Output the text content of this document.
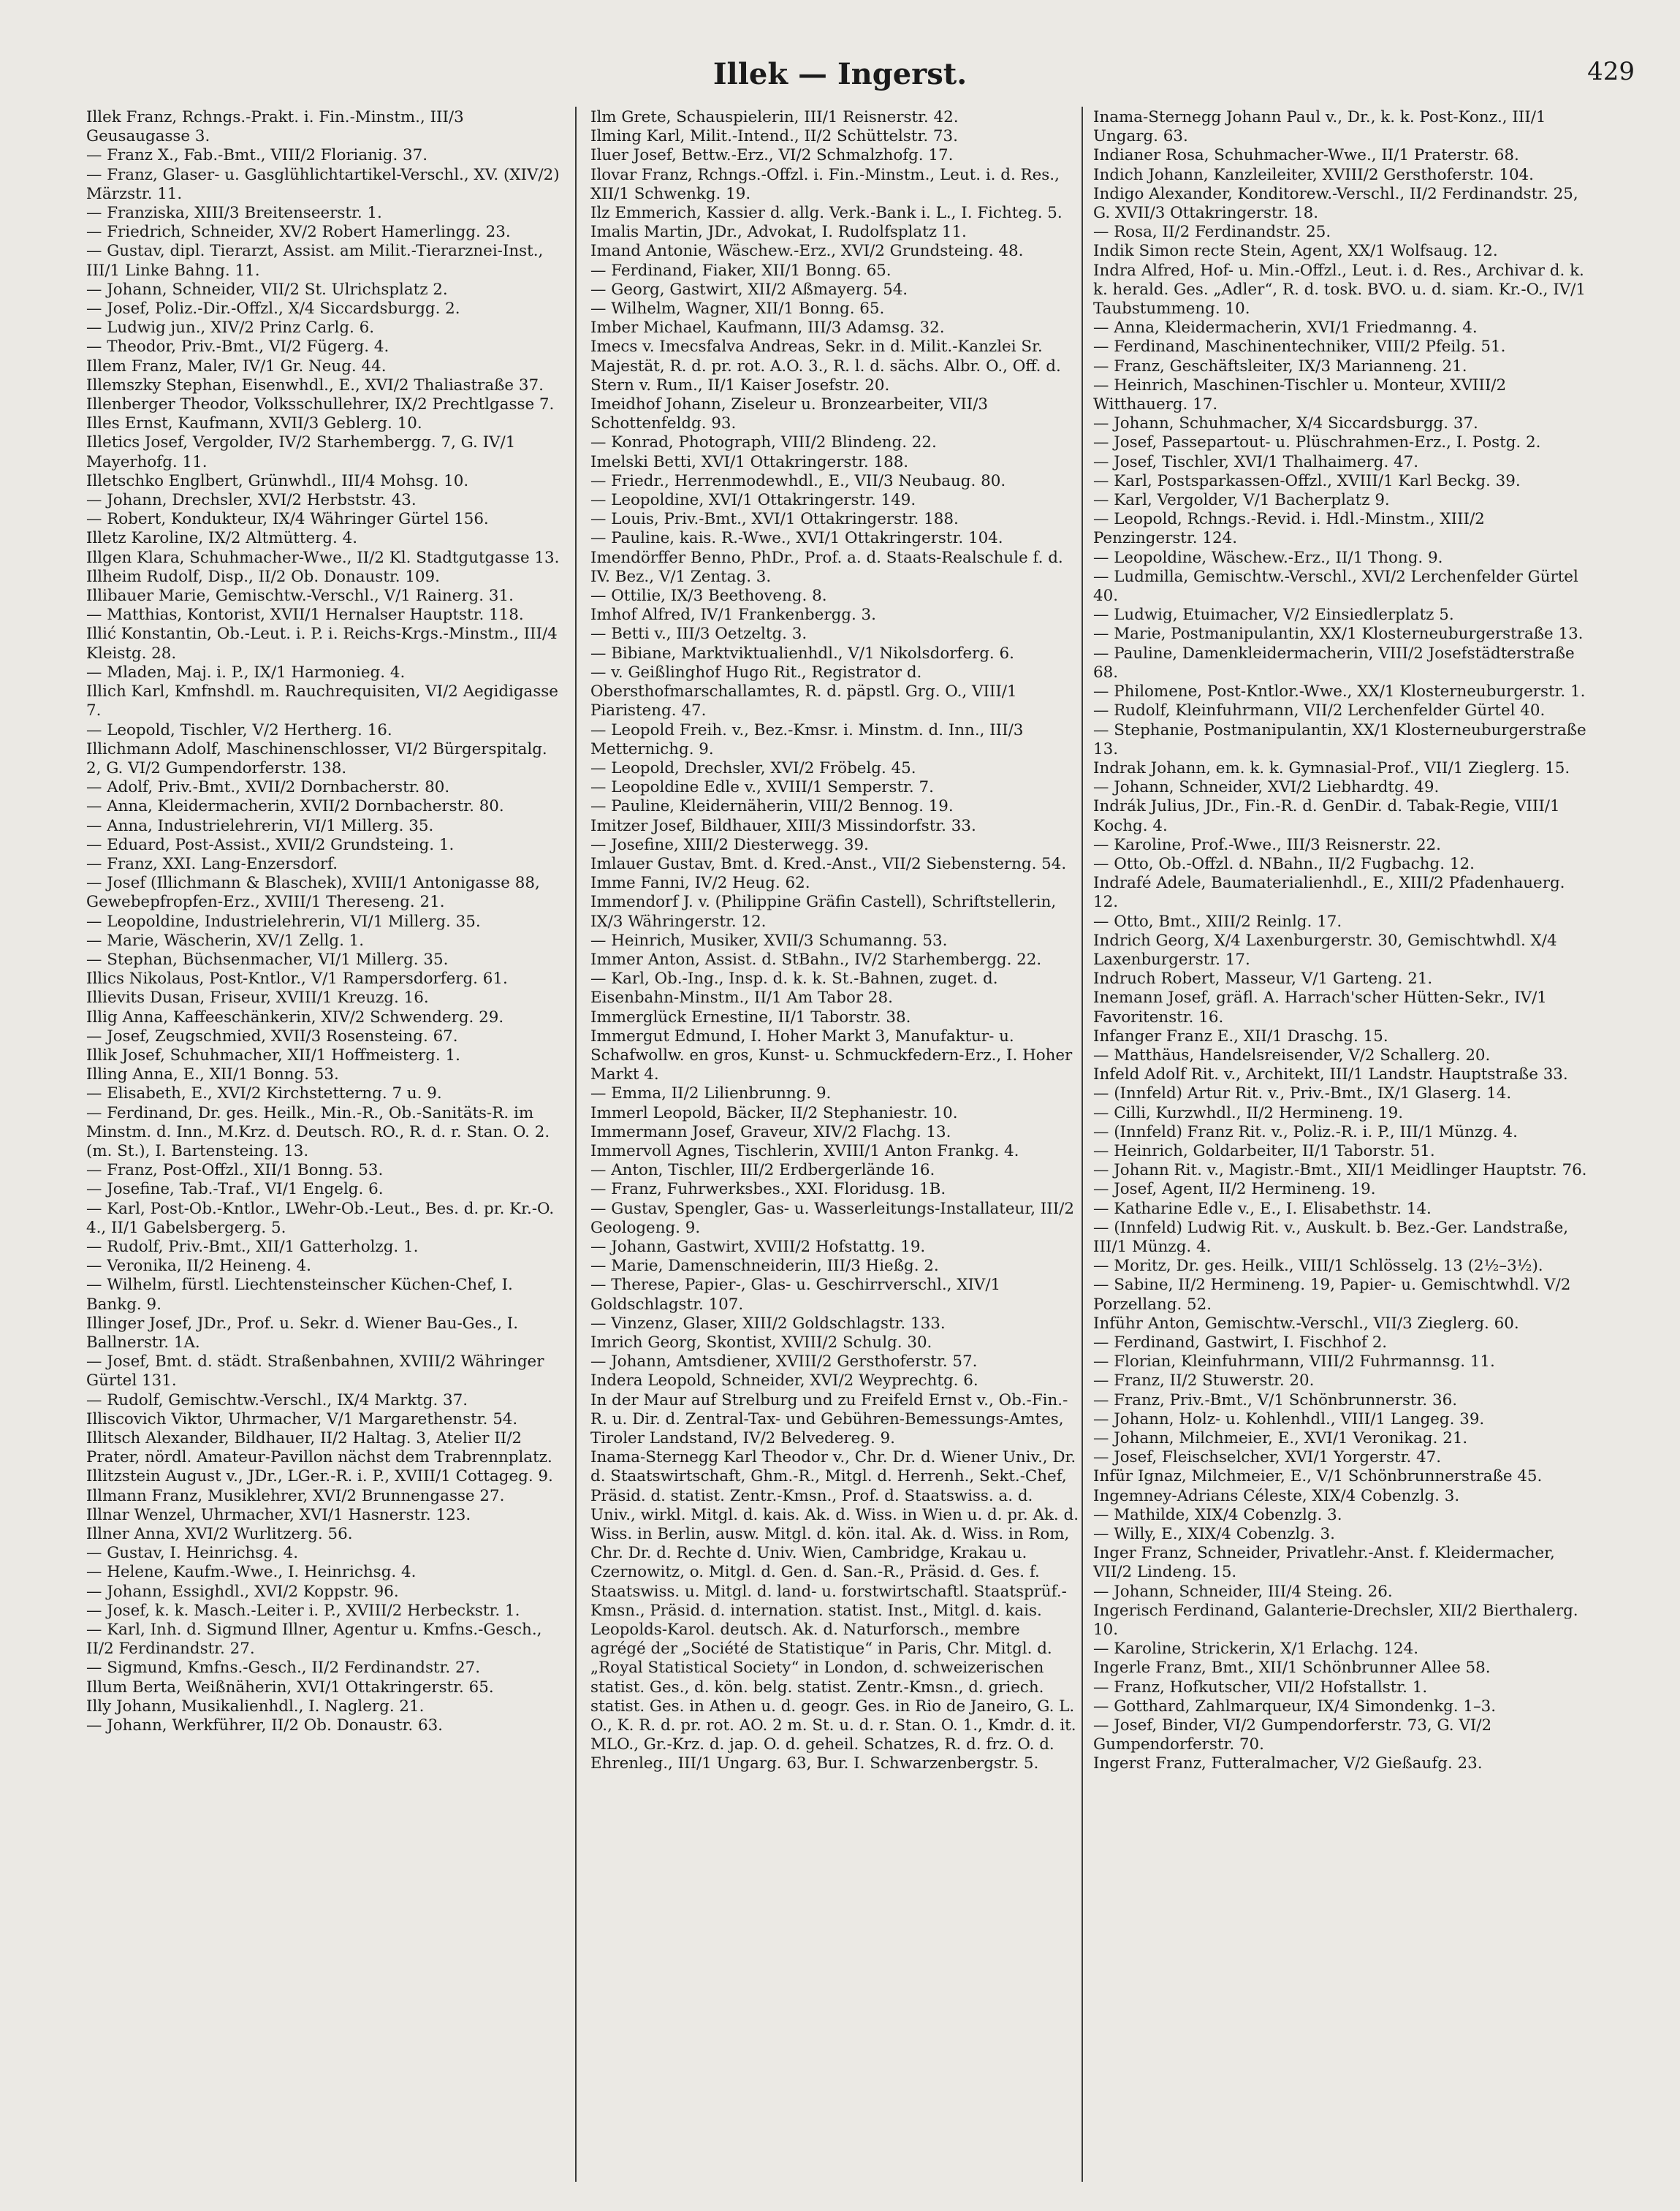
Illek — Ingerst.	429

Illek Franz, Rchngs.-Prakt. i. Fin.-Minstm., III/3 Geusaugasse 3.

— Franz X., Fab.-Bmt., VIII/2 Florianig. 37.

— Franz, Glaser- u. Gasglühlichtartikel-Verschl., XV. (XIV/2) Märzstr. 11.

— Franziska, XIII/3 Breitenseerstr. 1.

— Friedrich, Schneider, XV/2 Robert Hamerlingg. 23.

— Gustav, dipl. Tierarzt, Assist. am Milit.-Tierarznei-Inst., III/1 Linke Bahng. 11.

— Johann, Schneider, VII/2 St. Ulrichsplatz 2.

— Josef, Poliz.-Dir.-Offzl., X/4 Siccardsburgg. 2.

— Ludwig jun., XIV/2 Prinz Carlg. 6.

— Theodor, Priv.-Bmt., VI/2 Fügerg. 4.

Illem Franz, Maler, IV/1 Gr. Neug. 44.

Illemszky Stephan, Eisenwhdl., E., XVI/2 Thaliastraße 37.

Illenberger Theodor, Volksschullehrer, IX/2 Prechtlgasse 7.

Illes Ernst, Kaufmann, XVII/3 Geblerg. 10.

Illetics Josef, Vergolder, IV/2 Starhembergg. 7, G. IV/1 Mayerhofg. 11.

Illetschko Englbert, Grünwhdl., III/4 Mohsg. 10.

— Johann, Drechsler, XVI/2 Herbststr. 43.

— Robert, Kondukteur, IX/4 Währinger Gürtel 156.

Illetz Karoline, IX/2 Altmütterg. 4.

Illgen Klara, Schuhmacher-Wwe., II/2 Kl. Stadtgutgasse 13.

Illheim Rudolf, Disp., II/2 Ob. Donaustr. 109.

Illibauer Marie, Gemischtw.-Verschl., V/1 Rainerg. 31.

— Matthias, Kontorist, XVII/1 Hernalser Hauptstr. 118.

Illić Konstantin, Ob.-Leut. i. P. i. Reichs-Krgs.-Minstm., III/4 Kleistg. 28.

— Mladen, Maj. i. P., IX/1 Harmonieg. 4.

Illich Karl, Kmfnshdl. m. Rauchrequisiten, VI/2 Aegidigasse 7.

— Leopold, Tischler, V/2 Hertherg. 16.

Illichmann Adolf, Maschinenschlosser, VI/2 Bürgerspitalg. 2, G. VI/2 Gumpendorferstr. 138.

— Adolf, Priv.-Bmt., XVII/2 Dornbacherstr. 80.

— Anna, Kleidermacherin, XVII/2 Dornbacherstr. 80.

— Anna, Industrielehrerin, VI/1 Millerg. 35.

— Eduard, Post-Assist., XVII/2 Grundsteing. 1.

— Franz, XXI. Lang-Enzersdorf.

— Josef (Illichmann & Blaschek), XVIII/1 Antonigasse 88, Gewebepfropfen-Erz., XVIII/1 Thereseng. 21.

— Leopoldine, Industrielehrerin, VI/1 Millerg. 35.

— Marie, Wäscherin, XV/1 Zellg. 1.

— Stephan, Büchsenmacher, VI/1 Millerg. 35.

Illics Nikolaus, Post-Kntlor., V/1 Rampersdorferg. 61.

Illievits Dusan, Friseur, XVIII/1 Kreuzg. 16.

Illig Anna, Kaffeeschänkerin, XIV/2 Schwenderg. 29.

— Josef, Zeugschmied, XVII/3 Rosensteing. 67.

Illik Josef, Schuhmacher, XII/1 Hoffmeisterg. 1.

Illing Anna, E., XII/1 Bonng. 53.

— Elisabeth, E., XVI/2 Kirchstetterng. 7 u. 9.

— Ferdinand, Dr. ges. Heilk., Min.-R., Ob.-Sanitäts-R. im Minstm. d. Inn., M.Krz. d. Deutsch. RO., R. d. r. Stan. O. 2. (m. St.), I. Bartensteing. 13.

— Franz, Post-Offzl., XII/1 Bonng. 53.

— Josefine, Tab.-Traf., VI/1 Engelg. 6.

— Karl, Post-Ob.-Kntlor., LWehr-Ob.-Leut., Bes. d. pr. Kr.-O. 4., II/1 Gabelsbergerg. 5.

— Rudolf, Priv.-Bmt., XII/1 Gatterholzg. 1.

— Veronika, II/2 Heineng. 4.

— Wilhelm, fürstl. Liechtensteinscher Küchen-Chef, I. Bankg. 9.

Illinger Josef, JDr., Prof. u. Sekr. d. Wiener Bau-Ges., I. Ballnerstr. 1A.

— Josef, Bmt. d. städt. Straßenbahnen, XVIII/2 Währinger Gürtel 131.

— Rudolf, Gemischtw.-Verschl., IX/4 Marktg. 37.

Illiscovich Viktor, Uhrmacher, V/1 Margarethenstr. 54.

Illitsch Alexander, Bildhauer, II/2 Haltag. 3, Atelier II/2 Prater, nördl. Amateur-Pavillon nächst dem Trabrennplatz.

Illitzstein August v., JDr., LGer.-R. i. P., XVIII/1 Cottageg. 9.

Illmann Franz, Musiklehrer, XVI/2 Brunnengasse 27.

Illnar Wenzel, Uhrmacher, XVI/1 Hasnerstr. 123.

Illner Anna, XVI/2 Wurlitzerg. 56.

— Gustav, I. Heinrichsg. 4.

— Helene, Kaufm.-Wwe., I. Heinrichsg. 4.

— Johann, Essighdl., XVI/2 Koppstr. 96.

— Josef, k. k. Masch.-Leiter i. P., XVIII/2 Herbeckstr. 1.

— Karl, Inh. d. Sigmund Illner, Agentur u. Kmfns.-Gesch., II/2 Ferdinandstr. 27.

— Sigmund, Kmfns.-Gesch., II/2 Ferdinandstr. 27.

Illum Berta, Weißnäherin, XVI/1 Ottakringerstr. 65.

Illy Johann, Musikalienhdl., I. Naglerg. 21.

— Johann, Werkführer, II/2 Ob. Donaustr. 63.

Ilm Grete, Schauspielerin, III/1 Reisnerstr. 42.

Ilming Karl, Milit.-Intend., II/2 Schüttelstr. 73.

Iluer Josef, Bettw.-Erz., VI/2 Schmalzhofg. 17.

Ilovar Franz, Rchngs.-Offzl. i. Fin.-Minstm., Leut. i. d. Res., XII/1 Schwenkg. 19.

Ilz Emmerich, Kassier d. allg. Verk.-Bank i. L., I. Fichteg. 5.

Imalis Martin, JDr., Advokat, I. Rudolfsplatz 11.

Imand Antonie, Wäschew.-Erz., XVI/2 Grundsteing. 48.

— Ferdinand, Fiaker, XII/1 Bonng. 65.

— Georg, Gastwirt, XII/2 Aßmayerg. 54.

— Wilhelm, Wagner, XII/1 Bonng. 65.

Imber Michael, Kaufmann, III/3 Adamsg. 32.

Imecs v. Imecsfalva Andreas, Sekr. in d. Milit.-Kanzlei Sr. Majestät, R. d. pr. rot. A.O. 3., R. l. d. sächs. Albr. O., Off. d. Stern v. Rum., II/1 Kaiser Josefstr. 20.

Imeidhof Johann, Ziseleur u. Bronzearbeiter, VII/3 Schottenfeldg. 93.

— Konrad, Photograph, VIII/2 Blindeng. 22.

Imelski Betti, XVI/1 Ottakringerstr. 188.

— Friedr., Herrenmodewhdl., E., VII/3 Neubaug. 80.

— Leopoldine, XVI/1 Ottakringerstr. 149.

— Louis, Priv.-Bmt., XVI/1 Ottakringerstr. 188.

— Pauline, kais. R.-Wwe., XVI/1 Ottakringerstr. 104.

Imendörffer Benno, PhDr., Prof. a. d. Staats-Realschule f. d. IV. Bez., V/1 Zentag. 3.

— Ottilie, IX/3 Beethoveng. 8.

Imhof Alfred, IV/1 Frankenbergg. 3.

— Betti v., III/3 Oetzeltg. 3.

— Bibiane, Marktviktualienhdl., V/1 Nikolsdorferg. 6.

— v. Geißlinghof Hugo Rit., Registrator d. Obersthofmarschallamtes, R. d. päpstl. Grg. O., VIII/1 Piaristeng. 47.

— Leopold Freih. v., Bez.-Kmsr. i. Minstm. d. Inn., III/3 Metternichg. 9.

— Leopold, Drechsler, XVI/2 Fröbelg. 45.

— Leopoldine Edle v., XVIII/1 Semperstr. 7.

— Pauline, Kleidernäherin, VIII/2 Bennog. 19.

Imitzer Josef, Bildhauer, XIII/3 Missindorfstr. 33.

— Josefine, XIII/2 Diesterwegg. 39.

Imlauer Gustav, Bmt. d. Kred.-Anst., VII/2 Siebensterng. 54.

Imme Fanni, IV/2 Heug. 62.

Immendorf J. v. (Philippine Gräfin Castell), Schriftstellerin, IX/3 Währingerstr. 12.

— Heinrich, Musiker, XVII/3 Schumanng. 53.

Immer Anton, Assist. d. StBahn., IV/2 Starhembergg. 22.

— Karl, Ob.-Ing., Insp. d. k. k. St.-Bahnen, zuget. d. Eisenbahn-Minstm., II/1 Am Tabor 28.

Immerglück Ernestine, II/1 Taborstr. 38.

Immergut Edmund, I. Hoher Markt 3, Manufaktur- u. Schafwollw. en gros, Kunst- u. Schmuckfedern-Erz., I. Hoher Markt 4.

— Emma, II/2 Lilienbrunng. 9.

Immerl Leopold, Bäcker, II/2 Stephaniestr. 10.

Immermann Josef, Graveur, XIV/2 Flachg. 13.

Immervoll Agnes, Tischlerin, XVIII/1 Anton Frankg. 4.

— Anton, Tischler, III/2 Erdbergerlände 16.

— Franz, Fuhrwerksbes., XXI. Floridusg. 1B.

— Gustav, Spengler, Gas- u. Wasserleitungs-Installateur, III/2 Geologeng. 9.

— Johann, Gastwirt, XVIII/2 Hofstattg. 19.

— Marie, Damenschneiderin, III/3 Hießg. 2.

— Therese, Papier-, Glas- u. Geschirrverschl., XIV/1 Goldschlagstr. 107.

— Vinzenz, Glaser, XIII/2 Goldschlagstr. 133.

Imrich Georg, Skontist, XVIII/2 Schulg. 30.

— Johann, Amtsdiener, XVIII/2 Gersthoferstr. 57.

Indera Leopold, Schneider, XVI/2 Weyprechtg. 6.

In der Maur auf Strelburg und zu Freifeld Ernst v., Ob.-Fin.-R. u. Dir. d. Zentral-Tax- und Gebühren-Bemessungs-Amtes, Tiroler Landstand, IV/2 Belvedereg. 9.

Inama-Sternegg Karl Theodor v., Chr. Dr. d. Wiener Univ., Dr. d. Staatswirtschaft, Ghm.-R., Mitgl. d. Herrenh., Sekt.-Chef, Präsid. d. statist. Zentr.-Kmsn., Prof. d. Staatswiss. a. d. Univ., wirkl. Mitgl. d. kais. Ak. d. Wiss. in Wien u. d. pr. Ak. d. Wiss. in Berlin, ausw. Mitgl. d. kön. ital. Ak. d. Wiss. in Rom, Chr. Dr. d. Rechte d. Univ. Wien, Cambridge, Krakau u. Czernowitz, o. Mitgl. d. Gen. d. San.-R., Präsid. d. Ges. f. Staatswiss. u. Mitgl. d. land- u. forstwirtschaftl. Staatsprüf.-Kmsn., Präsid. d. internation. statist. Inst., Mitgl. d. kais. Leopolds-Karol. deutsch. Ak. d. Naturforsch., membre agrégé der „Société de Statistique“ in Paris, Chr. Mitgl. d. „Royal Statistical Society“ in London, d. schweizerischen statist. Ges., d. kön. belg. statist. Zentr.-Kmsn., d. griech. statist. Ges. in Athen u. d. geogr. Ges. in Rio de Janeiro, G. L. O., K. R. d. pr. rot. AO. 2 m. St. u. d. r. Stan. O. 1., Kmdr. d. it. MLO., Gr.-Krz. d. jap. O. d. geheil. Schatzes, R. d. frz. O. d. Ehrenleg., III/1 Ungarg. 63, Bur. I. Schwarzenbergstr. 5.

Inama-Sternegg Johann Paul v., Dr., k. k. Post-Konz., III/1 Ungarg. 63.

Indianer Rosa, Schuhmacher-Wwe., II/1 Praterstr. 68.

Indich Johann, Kanzleileiter, XVIII/2 Gersthoferstr. 104.

Indigo Alexander, Konditorew.-Verschl., II/2 Ferdinandstr. 25, G. XVII/3 Ottakringerstr. 18.

— Rosa, II/2 Ferdinandstr. 25.

Indik Simon recte Stein, Agent, XX/1 Wolfsaug. 12.

Indra Alfred, Hof- u. Min.-Offzl., Leut. i. d. Res., Archivar d. k. k. herald. Ges. „Adler“, R. d. tosk. BVO. u. d. siam. Kr.-O., IV/1 Taubstummeng. 10.

— Anna, Kleidermacherin, XVI/1 Friedmanng. 4.

— Ferdinand, Maschinentechniker, VIII/2 Pfeilg. 51.

— Franz, Geschäftsleiter, IX/3 Marianneng. 21.

— Heinrich, Maschinen-Tischler u. Monteur, XVIII/2 Witthauerg. 17.

— Johann, Schuhmacher, X/4 Siccardsburgg. 37.

— Josef, Passepartout- u. Plüschrahmen-Erz., I. Postg. 2.

— Josef, Tischler, XVI/1 Thalhaimerg. 47.

— Karl, Postsparkassen-Offzl., XVIII/1 Karl Beckg. 39.

— Karl, Vergolder, V/1 Bacherplatz 9.

— Leopold, Rchngs.-Revid. i. Hdl.-Minstm., XIII/2 Penzingerstr. 124.

— Leopoldine, Wäschew.-Erz., II/1 Thong. 9.

— Ludmilla, Gemischtw.-Verschl., XVI/2 Lerchenfelder Gürtel 40.

— Ludwig, Etuimacher, V/2 Einsiedlerplatz 5.

— Marie, Postmanipulantin, XX/1 Klosterneuburgerstraße 13.

— Pauline, Damenkleidermacherin, VIII/2 Josefstädterstraße 68.

— Philomene, Post-Kntlor.-Wwe., XX/1 Klosterneuburgerstr. 1.

— Rudolf, Kleinfuhrmann, VII/2 Lerchenfelder Gürtel 40.

— Stephanie, Postmanipulantin, XX/1 Klosterneuburgerstraße 13.

Indrak Johann, em. k. k. Gymnasial-Prof., VII/1 Zieglerg. 15.

— Johann, Schneider, XVI/2 Liebhardtg. 49.

Indrák Julius, JDr., Fin.-R. d. GenDir. d. Tabak-Regie, VIII/1 Kochg. 4.

— Karoline, Prof.-Wwe., III/3 Reisnerstr. 22.

— Otto, Ob.-Offzl. d. NBahn., II/2 Fugbachg. 12.

Indrafé Adele, Baumaterialienhdl., E., XIII/2 Pfadenhauerg. 12.

— Otto, Bmt., XIII/2 Reinlg. 17.

Indrich Georg, X/4 Laxenburgerstr. 30, Gemischtwhdl. X/4 Laxenburgerstr. 17.

Indruch Robert, Masseur, V/1 Garteng. 21.

Inemann Josef, gräfl. A. Harrach'scher Hütten-Sekr., IV/1 Favoritenstr. 16.

Infanger Franz E., XII/1 Draschg. 15.

— Matthäus, Handelsreisender, V/2 Schallerg. 20.

Infeld Adolf Rit. v., Architekt, III/1 Landstr. Hauptstraße 33.

— (Innfeld) Artur Rit. v., Priv.-Bmt., IX/1 Glaserg. 14.

— Cilli, Kurzwhdl., II/2 Hermineng. 19.

— (Innfeld) Franz Rit. v., Poliz.-R. i. P., III/1 Münzg. 4.

— Heinrich, Goldarbeiter, II/1 Taborstr. 51.

— Johann Rit. v., Magistr.-Bmt., XII/1 Meidlinger Hauptstr. 76.

— Josef, Agent, II/2 Hermineng. 19.

— Katharine Edle v., E., I. Elisabethstr. 14.

— (Innfeld) Ludwig Rit. v., Auskult. b. Bez.-Ger. Landstraße, III/1 Münzg. 4.

— Moritz, Dr. ges. Heilk., VIII/1 Schlösselg. 13 (2½–3½).

— Sabine, II/2 Hermineng. 19, Papier- u. Gemischtwhdl. V/2 Porzellang. 52.

Inführ Anton, Gemischtw.-Verschl., VII/3 Zieglerg. 60.

— Ferdinand, Gastwirt, I. Fischhof 2.

— Florian, Kleinfuhrmann, VIII/2 Fuhrmannsg. 11.

— Franz, II/2 Stuwerstr. 20.

— Franz, Priv.-Bmt., V/1 Schönbrunnerstr. 36.

— Johann, Holz- u. Kohlenhdl., VIII/1 Langeg. 39.

— Johann, Milchmeier, E., XVI/1 Veronikag. 21.

— Josef, Fleischselcher, XVI/1 Yorgerstr. 47.

Infür Ignaz, Milchmeier, E., V/1 Schönbrunnerstraße 45.

Ingemney-Adrians Céleste, XIX/4 Cobenzlg. 3.

— Mathilde, XIX/4 Cobenzlg. 3.

— Willy, E., XIX/4 Cobenzlg. 3.

Inger Franz, Schneider, Privatlehr.-Anst. f. Kleidermacher, VII/2 Lindeng. 15.

— Johann, Schneider, III/4 Steing. 26.

Ingerisch Ferdinand, Galanterie-Drechsler, XII/2 Bierthalerg. 10.

— Karoline, Strickerin, X/1 Erlachg. 124.

Ingerle Franz, Bmt., XII/1 Schönbrunner Allee 58.

— Franz, Hofkutscher, VII/2 Hofstallstr. 1.

— Gotthard, Zahlmarqueur, IX/4 Simondenkg. 1–3.

— Josef, Binder, VI/2 Gumpendorferstr. 73, G. VI/2 Gumpendorferstr. 70.

Ingerst Franz, Futteralmacher, V/2 Gießaufg. 23.
